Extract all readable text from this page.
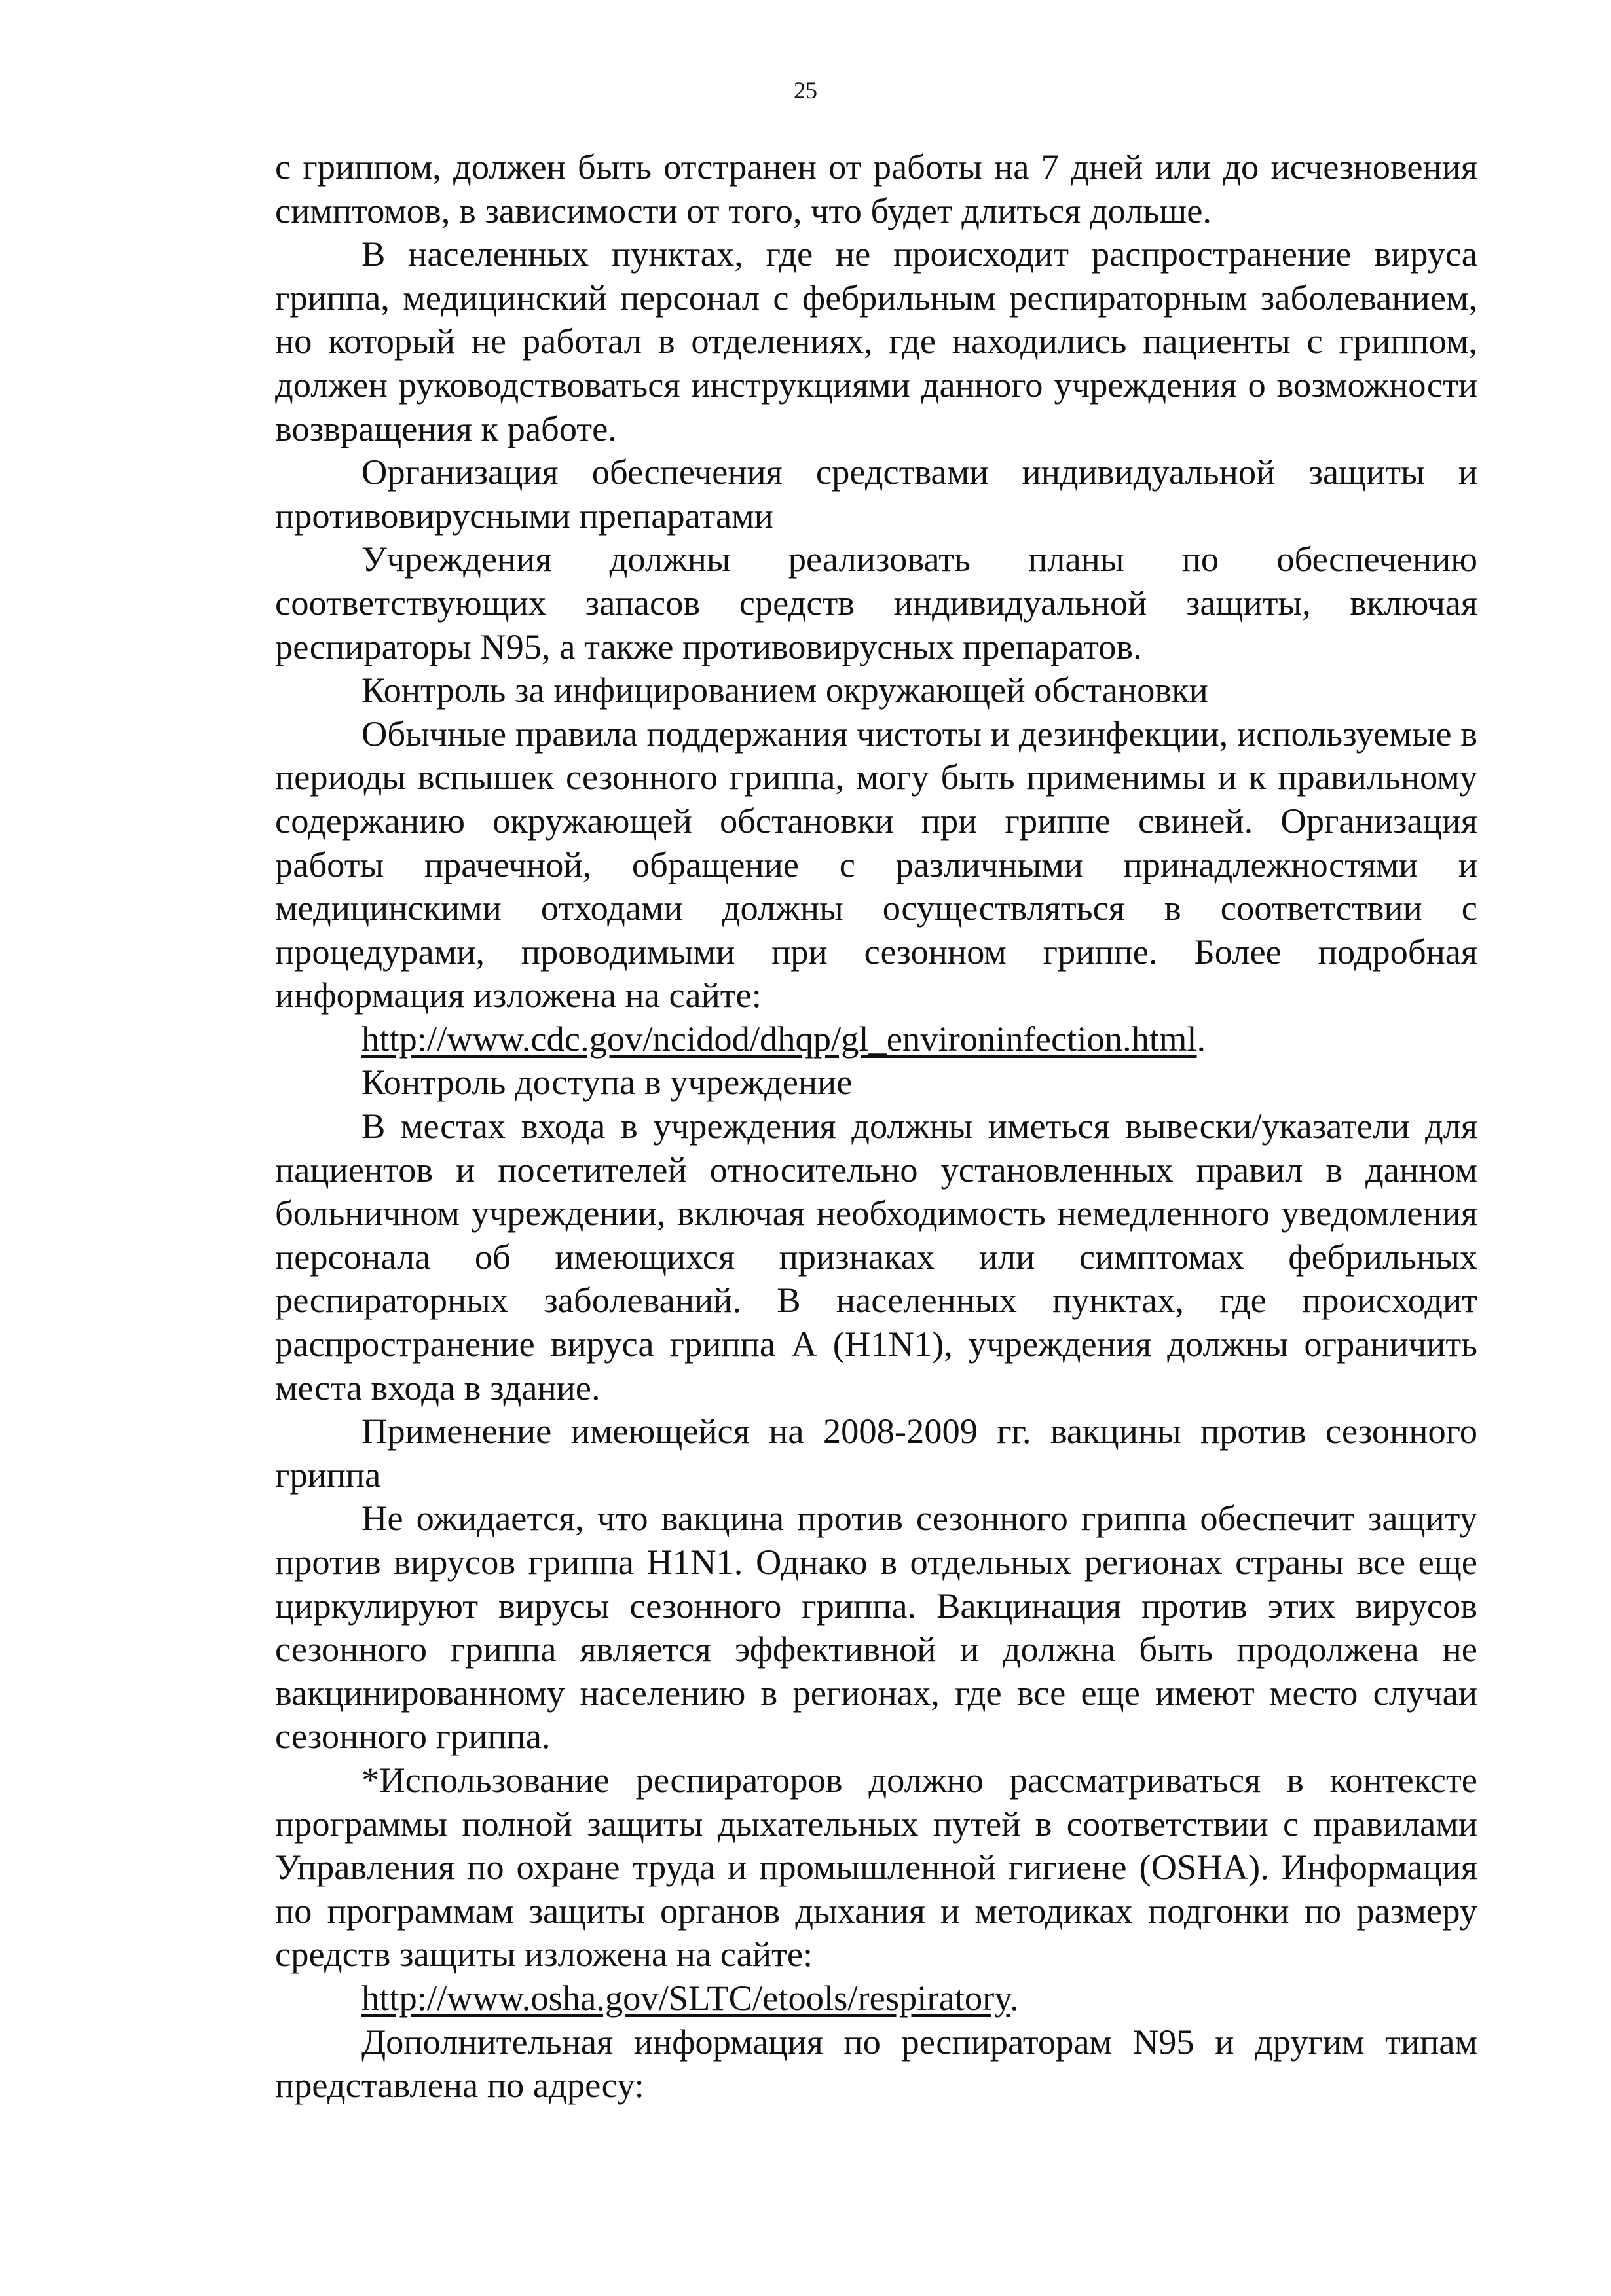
25

с гриппом, должен быть отстранен от работы на 7 дней или до исчезновения симптомов, в зависимости от того, что будет длиться дольше.

В населенных пунктах, где не происходит распространение вируса гриппа, медицинский персонал с фебрильным респираторным заболеванием, но который не работал в отделениях, где находились пациенты с гриппом, должен руководствоваться инструкциями данного учреждения о возможности возвращения к работе.

Организация обеспечения средствами индивидуальной защиты и противовирусными препаратами

Учреждения должны реализовать планы по обеспечению соответствующих запасов средств индивидуальной защиты, включая респираторы N95, а также противовирусных препаратов.

Контроль за инфицированием окружающей обстановки

Обычные правила поддержания чистоты и дезинфекции, используемые в периоды вспышек сезонного гриппа, могу быть применимы и к правильному содержанию окружающей обстановки при гриппе свиней. Организация работы прачечной, обращение с различными принадлежностями и медицинскими отходами должны осуществляться в соответствии с процедурами, проводимыми при сезонном гриппе. Более подробная информация изложена на сайте:

http://www.cdc.gov/ncidod/dhqp/gl_environinfection.html.

Контроль доступа в учреждение

В местах входа в учреждения должны иметься вывески/указатели для пациентов и посетителей относительно установленных правил в данном больничном учреждении, включая необходимость немедленного уведомления персонала об имеющихся признаках или симптомах фебрильных респираторных заболеваний. В населенных пунктах, где происходит распространение вируса гриппа А (H1N1), учреждения должны ограничить места входа в здание.

Применение имеющейся на 2008-2009 гг. вакцины против сезонного гриппа

Не ожидается, что вакцина против сезонного гриппа обеспечит защиту против вирусов гриппа H1N1. Однако в отдельных регионах страны все еще циркулируют вирусы сезонного гриппа. Вакцинация против этих вирусов сезонного гриппа является эффективной и должна быть продолжена не вакцинированному населению в регионах, где все еще имеют место случаи сезонного гриппа.

*Использование респираторов должно рассматриваться в контексте программы полной защиты дыхательных путей в соответствии с правилами Управления по охране труда и промышленной гигиене (OSHA). Информация по программам защиты органов дыхания и методиках подгонки по размеру средств защиты изложена на сайте:

http://www.osha.gov/SLTC/etools/respiratory.

Дополнительная информация по респираторам N95 и другим типам представлена по адресу:
